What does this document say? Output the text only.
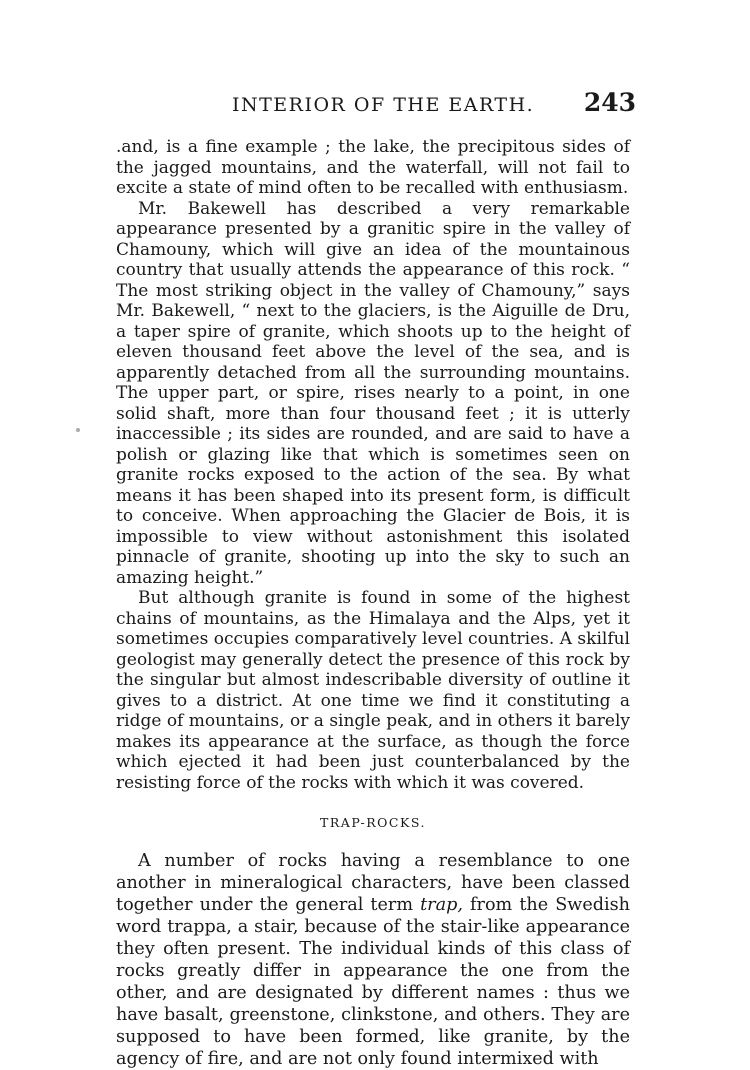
INTERIOR OF THE EARTH. 243

.and, is a fine example ; the lake, the precipitous sides of the jagged mountains, and the waterfall, will not fail to excite a state of mind often to be recalled with enthusiasm.

Mr. Bakewell has described a very remarkable appearance presented by a granitic spire in the valley of Chamouny, which will give an idea of the mountainous country that usually attends the appearance of this rock. “ The most striking object in the valley of Chamouny,” says Mr. Bakewell, “ next to the glaciers, is the Aiguille de Dru, a taper spire of granite, which shoots up to the height of eleven thousand feet above the level of the sea, and is apparently detached from all the surrounding mountains. The upper part, or spire, rises nearly to a point, in one solid shaft, more than four thousand feet ; it is utterly inaccessible ; its sides are rounded, and are said to have a polish or glazing like that which is sometimes seen on granite rocks exposed to the action of the sea. By what means it has been shaped into its present form, is difficult to conceive. When approaching the Glacier de Bois, it is impossible to view without astonishment this isolated pinnacle of granite, shooting up into the sky to such an amazing height.”

But although granite is found in some of the highest chains of mountains, as the Himalaya and the Alps, yet it sometimes occupies comparatively level countries. A skilful geologist may generally detect the presence of this rock by the singular but almost indescribable diversity of outline it gives to a district. At one time we find it constituting a ridge of mountains, or a single peak, and in others it barely makes its appearance at the surface, as though the force which ejected it had been just counterbalanced by the resisting force of the rocks with which it was covered.

TRAP-ROCKS.

A number of rocks having a resemblance to one another in mineralogical characters, have been classed together under the general term trap, from the Swedish word trappa, a stair, because of the stair-like appearance they often present. The individual kinds of this class of rocks greatly differ in appearance the one from the other, and are designated by different names : thus we have basalt, greenstone, clinkstone, and others. They are supposed to have been formed, like granite, by the agency of fire, and are not only found intermixed with
